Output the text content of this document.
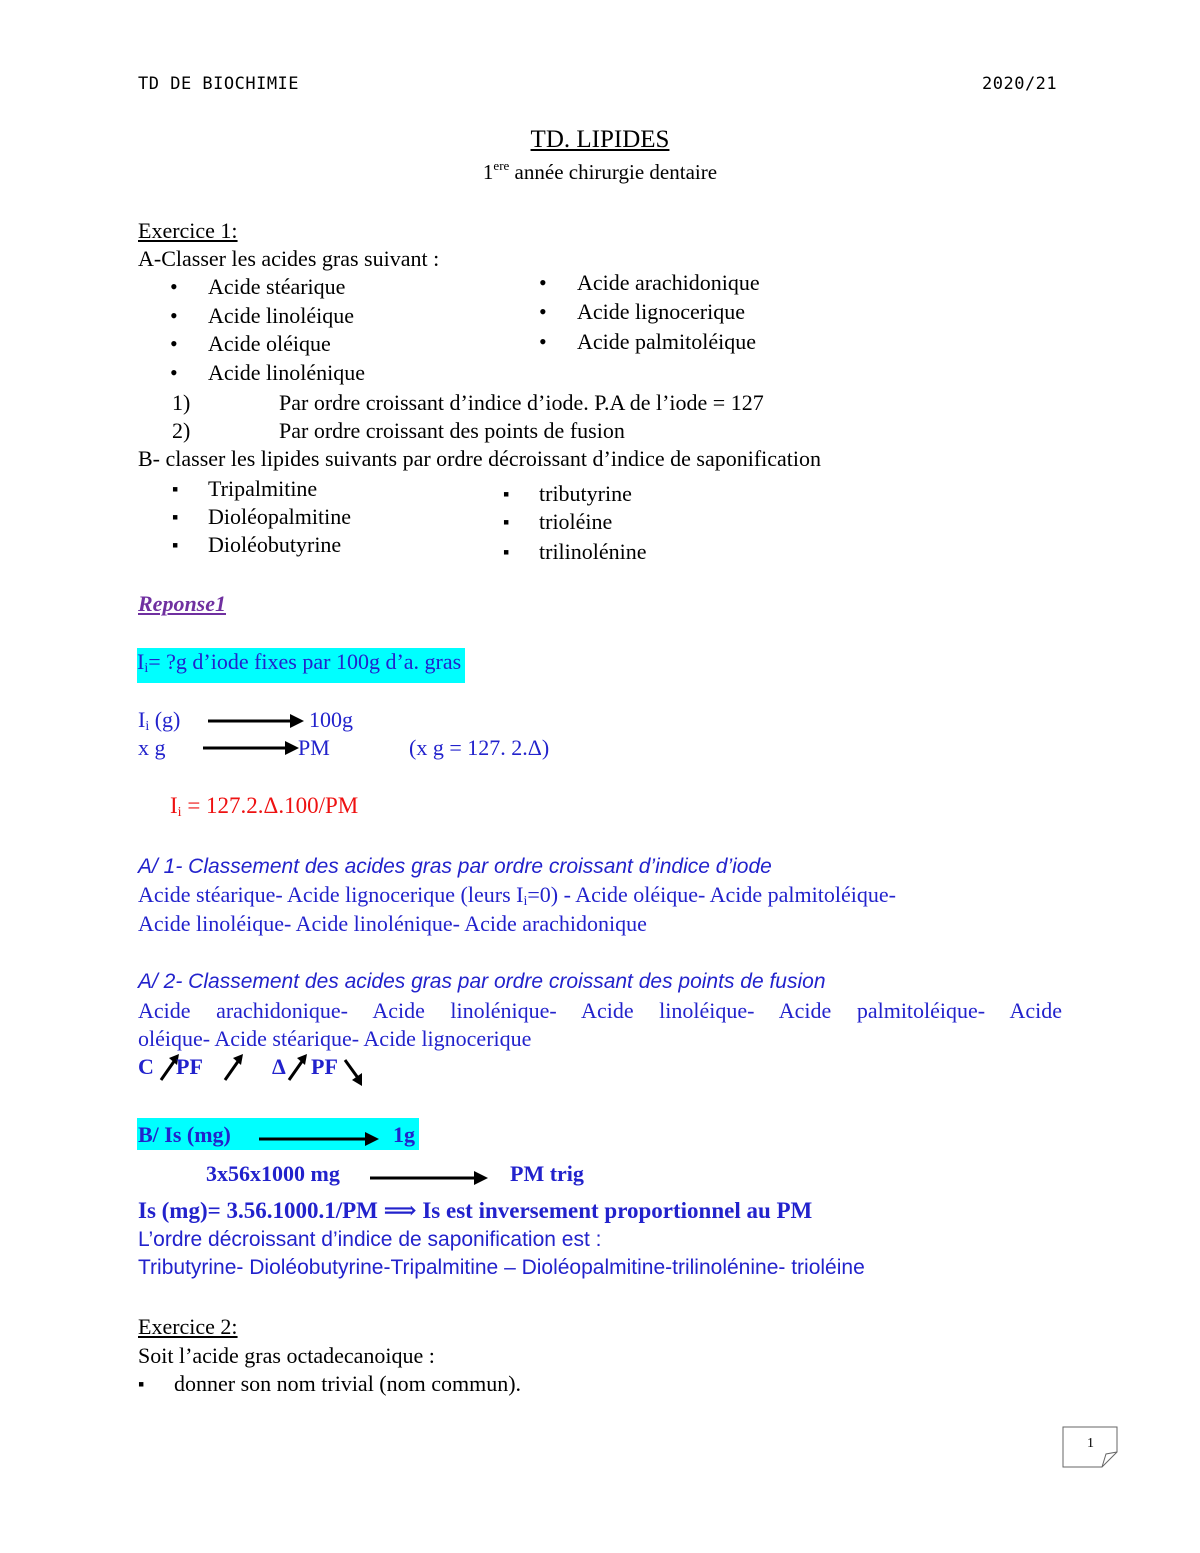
TD DE BIOCHIMIE	2020/21
TD. LIPIDES
1ere année chirurgie dentaire
Exercice 1:
A-Classer les acides gras suivant :
• Acide stéarique
• Acide linoléique
• Acide oléique
• Acide linolénique
• Acide arachidonique
• Acide lignocerique
• Acide palmitoléique
1)	Par ordre croissant d’indice d’iode. P.A de l’iode = 127
2)	Par ordre croissant des points de fusion
B- classer les lipides suivants par ordre décroissant d’indice de saponification
▪ Tripalmitine
▪ Dioléopalmitine
▪ Dioléobutyrine
▪ tributyrine
▪ trioléine
▪ trilinolénine
Reponse1
$I_i=$ ?g d’iode fixes par 100g d’a. gras
$I_i$ (g)	100g
x g	PM	(x g = 127. 2.Δ)
$I_i = 127.2.\Delta.100/PM$
A/ 1- Classement des acides gras par ordre croissant d’indice d’iode
Acide stéarique- Acide lignocerique (leurs $I_i=0$) - Acide oléique- Acide palmitoléique-
Acide linoléique- Acide linolénique- Acide arachidonique
A/ 2- Classement des acides gras par ordre croissant des points de fusion
Acide arachidonique- Acide linolénique- Acide linoléique- Acide palmitoléique- Acide
oléique- Acide stéarique- Acide lignocerique
C PF	Δ PF
B/ Is (mg)	1g
3x56x1000 mg	PM trig
Is (mg)= 3.56.1000.1/PM ⟹ Is est inversement proportionnel au PM
L’ordre décroissant d’indice de saponification est :
Tributyrine- Dioléobutyrine-Tripalmitine – Dioléopalmitine-trilinolénine- trioléine
Exercice 2:
Soit l’acide gras octadecanoique :
▪ donner son nom trivial (nom commun).
1
